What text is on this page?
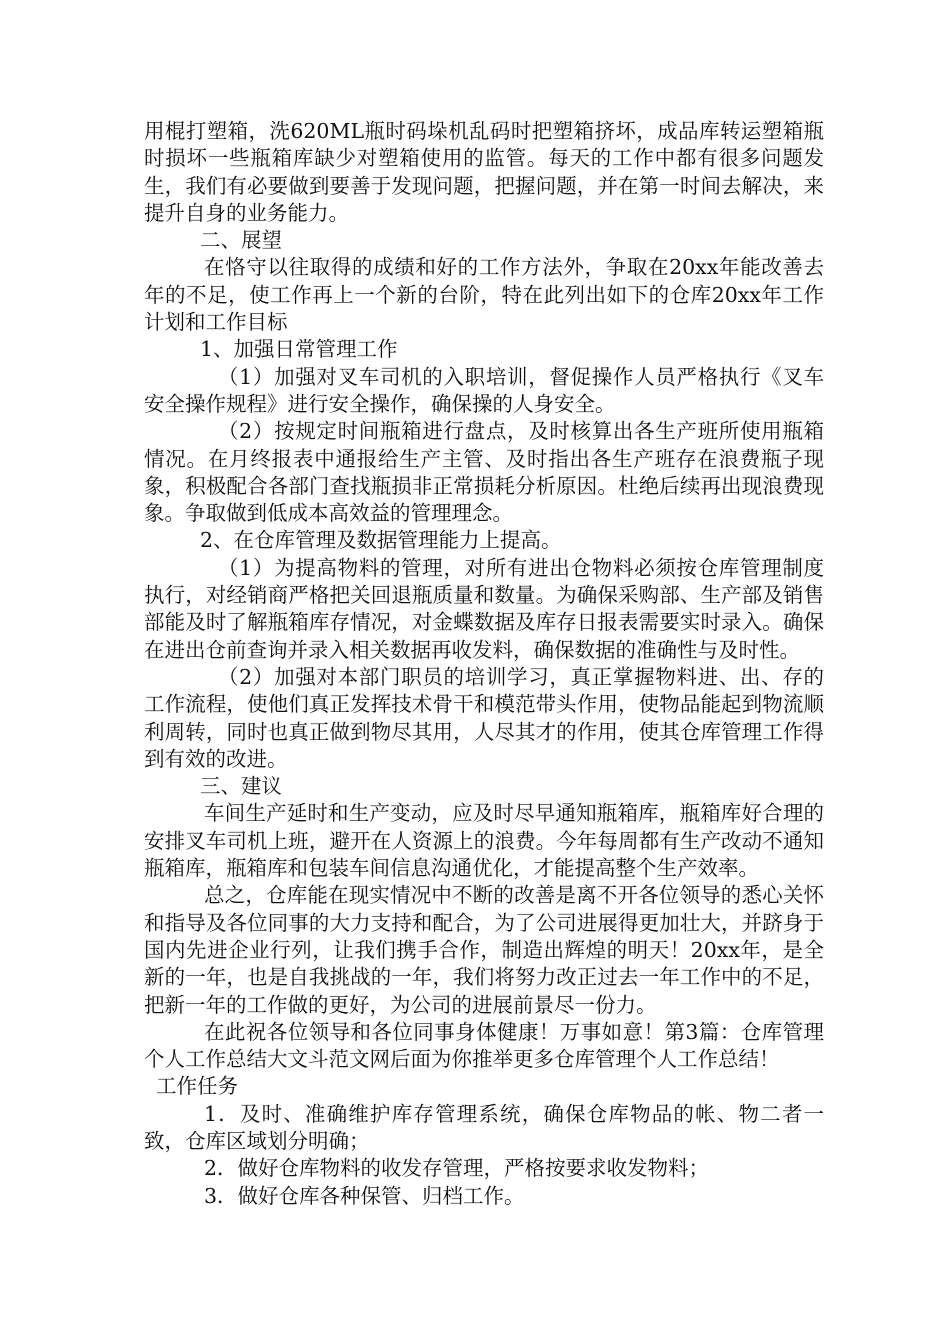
用棍打塑箱，洗620ML瓶时码垛机乱码时把塑箱挤坏，成品库转运塑箱瓶时损坏一些瓶箱库缺少对塑箱使用的监管。每天的工作中都有很多问题发生，我们有必要做到要善于发现问题，把握问题，并在第一时间去解决，来提升自身的业务能力。

二、展望

在恪守以往取得的成绩和好的工作方法外，争取在20xx年能改善去年的不足，使工作再上一个新的台阶，特在此列出如下的仓库20xx年工作计划和工作目标

1、加强日常管理工作

（1）加强对叉车司机的入职培训，督促操作人员严格执行《叉车安全操作规程》进行安全操作，确保操的人身安全。

（2）按规定时间瓶箱进行盘点，及时核算出各生产班所使用瓶箱情况。在月终报表中通报给生产主管、及时指出各生产班存在浪费瓶子现象，积极配合各部门查找瓶损非正常损耗分析原因。杜绝后续再出现浪费现象。争取做到低成本高效益的管理理念。

2、在仓库管理及数据管理能力上提高。

（1）为提高物料的管理，对所有进出仓物料必须按仓库管理制度执行，对经销商严格把关回退瓶质量和数量。为确保采购部、生产部及销售部能及时了解瓶箱库存情况，对金蝶数据及库存日报表需要实时录入。确保在进出仓前查询并录入相关数据再收发料，确保数据的准确性与及时性。

（2）加强对本部门职员的培训学习，真正掌握物料进、出、存的工作流程，使他们真正发挥技术骨干和模范带头作用，使物品能起到物流顺利周转，同时也真正做到物尽其用，人尽其才的作用，使其仓库管理工作得到有效的改进。

三、建议

车间生产延时和生产变动，应及时尽早通知瓶箱库，瓶箱库好合理的安排叉车司机上班，避开在人资源上的浪费。今年每周都有生产改动不通知瓶箱库，瓶箱库和包装车间信息沟通优化，才能提高整个生产效率。

总之，仓库能在现实情况中不断的改善是离不开各位领导的悉心关怀和指导及各位同事的大力支持和配合，为了公司进展得更加壮大，并跻身于国内先进企业行列，让我们携手合作，制造出辉煌的明天！20xx年，是全新的一年，也是自我挑战的一年，我们将努力改正过去一年工作中的不足，把新一年的工作做的更好，为公司的进展前景尽一份力。

在此祝各位领导和各位同事身体健康！万事如意！第3篇：仓库管理个人工作总结大文斗范文网后面为你推举更多仓库管理个人工作总结！

工作任务

1．及时、准确维护库存管理系统，确保仓库物品的帐、物二者一致，仓库区域划分明确；

2．做好仓库物料的收发存管理，严格按要求收发物料；

3．做好仓库各种保管、归档工作。
